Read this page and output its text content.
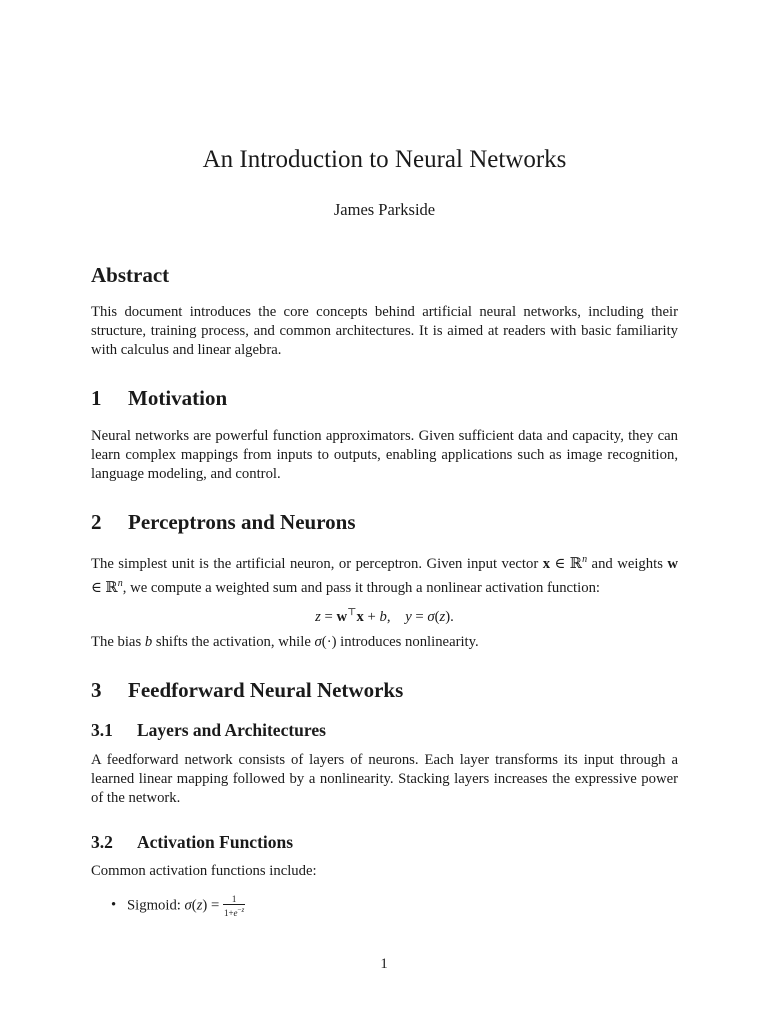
An Introduction to Neural Networks
James Parkside
Abstract
This document introduces the core concepts behind artificial neural networks, including their structure, training process, and common architectures. It is aimed at readers with basic familiarity with calculus and linear algebra.
1 Motivation
Neural networks are powerful function approximators. Given sufficient data and capacity, they can learn complex mappings from inputs to outputs, enabling applications such as image recognition, language modeling, and control.
2 Perceptrons and Neurons
The simplest unit is the artificial neuron, or perceptron. Given input vector x ∈ ℝ$^n$ and weights w ∈ ℝ$^n$, we compute a weighted sum and pass it through a nonlinear activation function:
z = w⊤x + b,    y = σ(z).
The bias b shifts the activation, while σ(·) introduces nonlinearity.
3 Feedforward Neural Networks
3.1 Layers and Architectures
A feedforward network consists of layers of neurons. Each layer transforms its input through a learned linear mapping followed by a nonlinearity. Stacking layers increases the expressive power of the network.
3.2 Activation Functions
Common activation functions include:
• Sigmoid: $\sigma(z) = \frac{1}{1+e^{-z}}$
1
